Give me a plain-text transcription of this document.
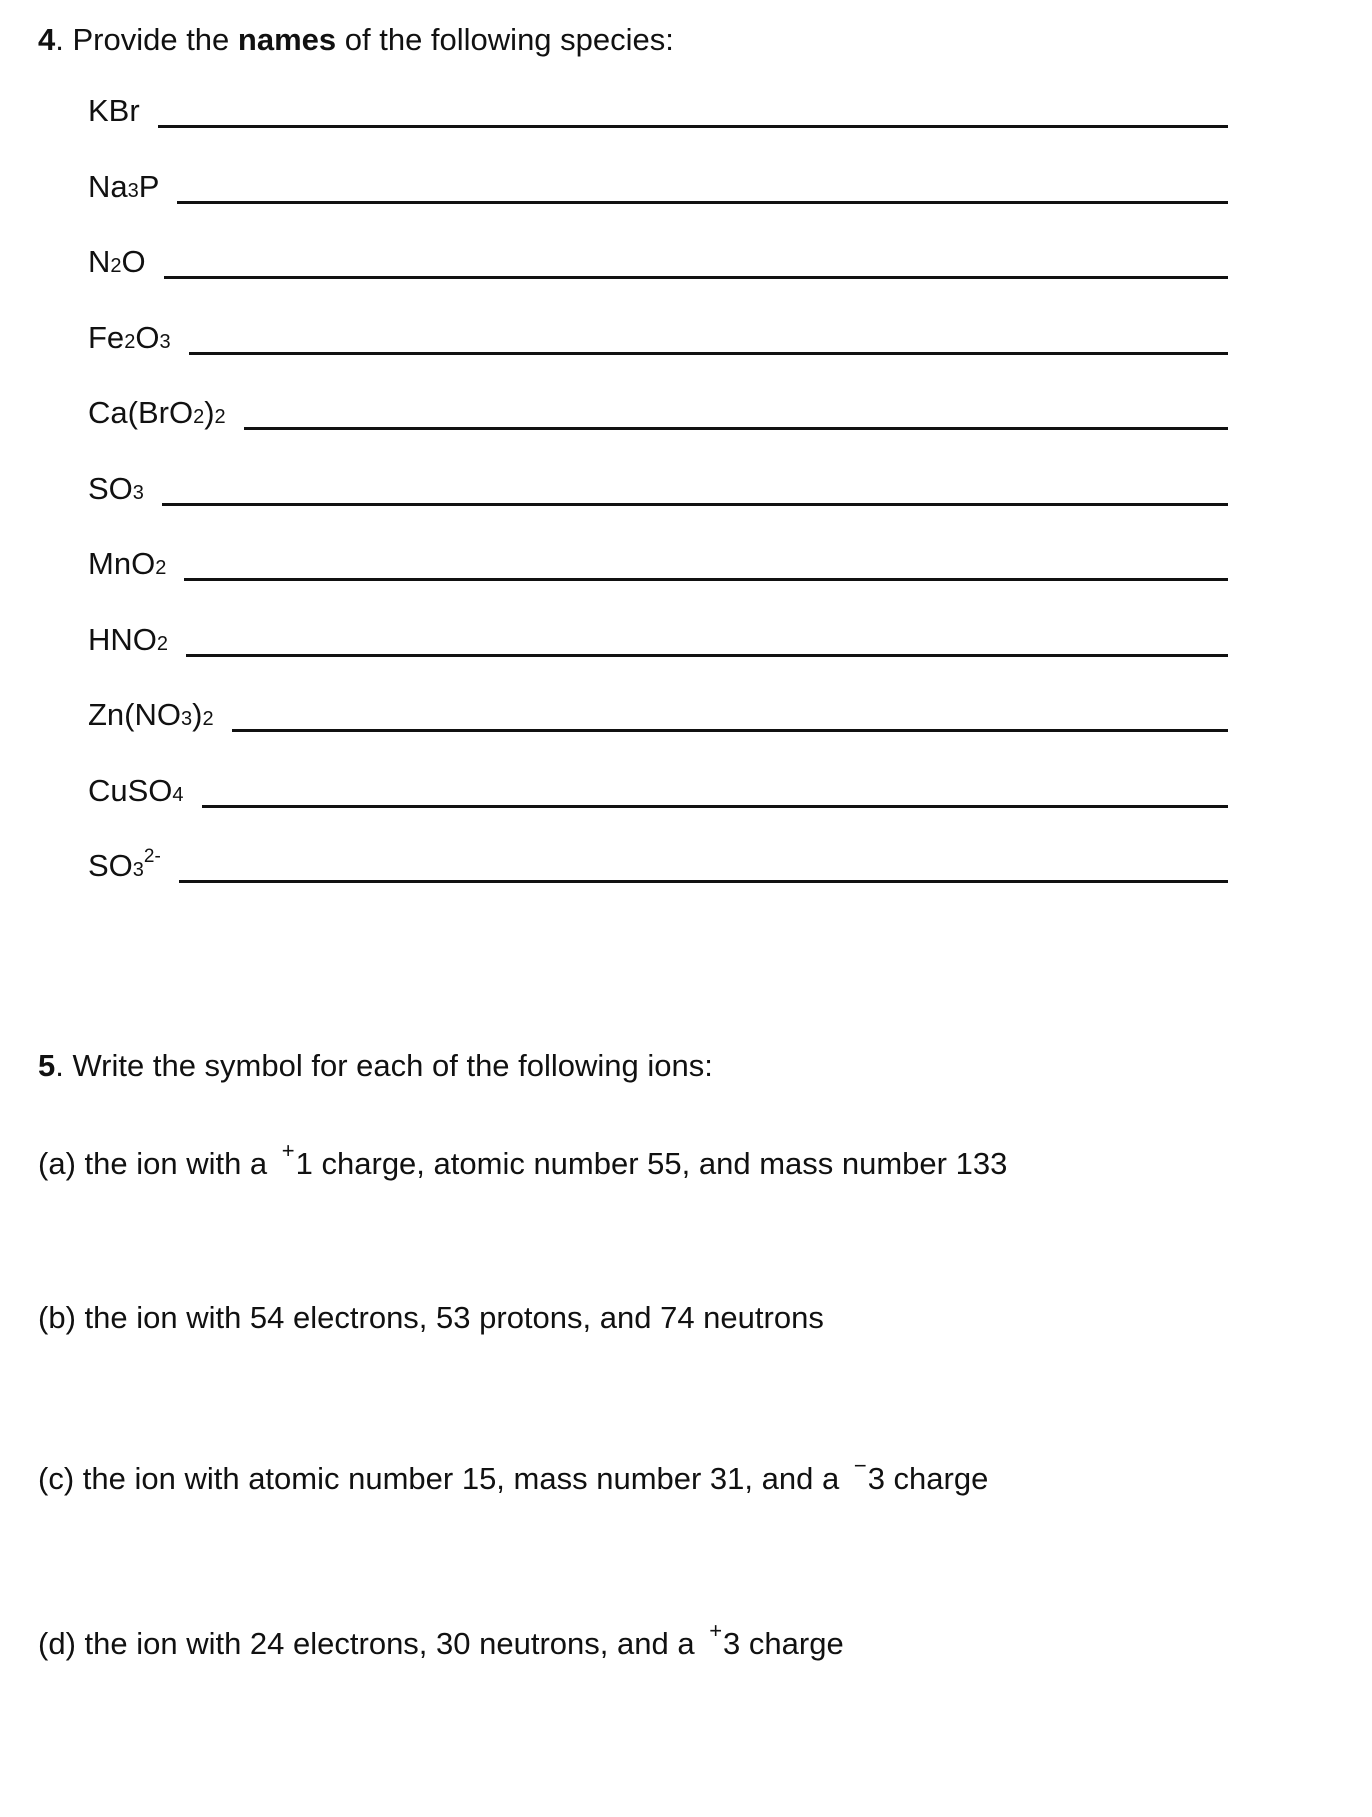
4. Provide the names of the following species:
KBr
Na3P
N2O
Fe2O3
Ca(BrO2)2
SO3
MnO2
HNO2
Zn(NO3)2
CuSO4
$SO3^{2-}$
5. Write the symbol for each of the following ions:
(a) the ion with a +1 charge, atomic number 55, and mass number 133
(b) the ion with 54 electrons, 53 protons, and 74 neutrons
(c) the ion with atomic number 15, mass number 31, and a −3 charge
(d) the ion with 24 electrons, 30 neutrons, and a +3 charge
